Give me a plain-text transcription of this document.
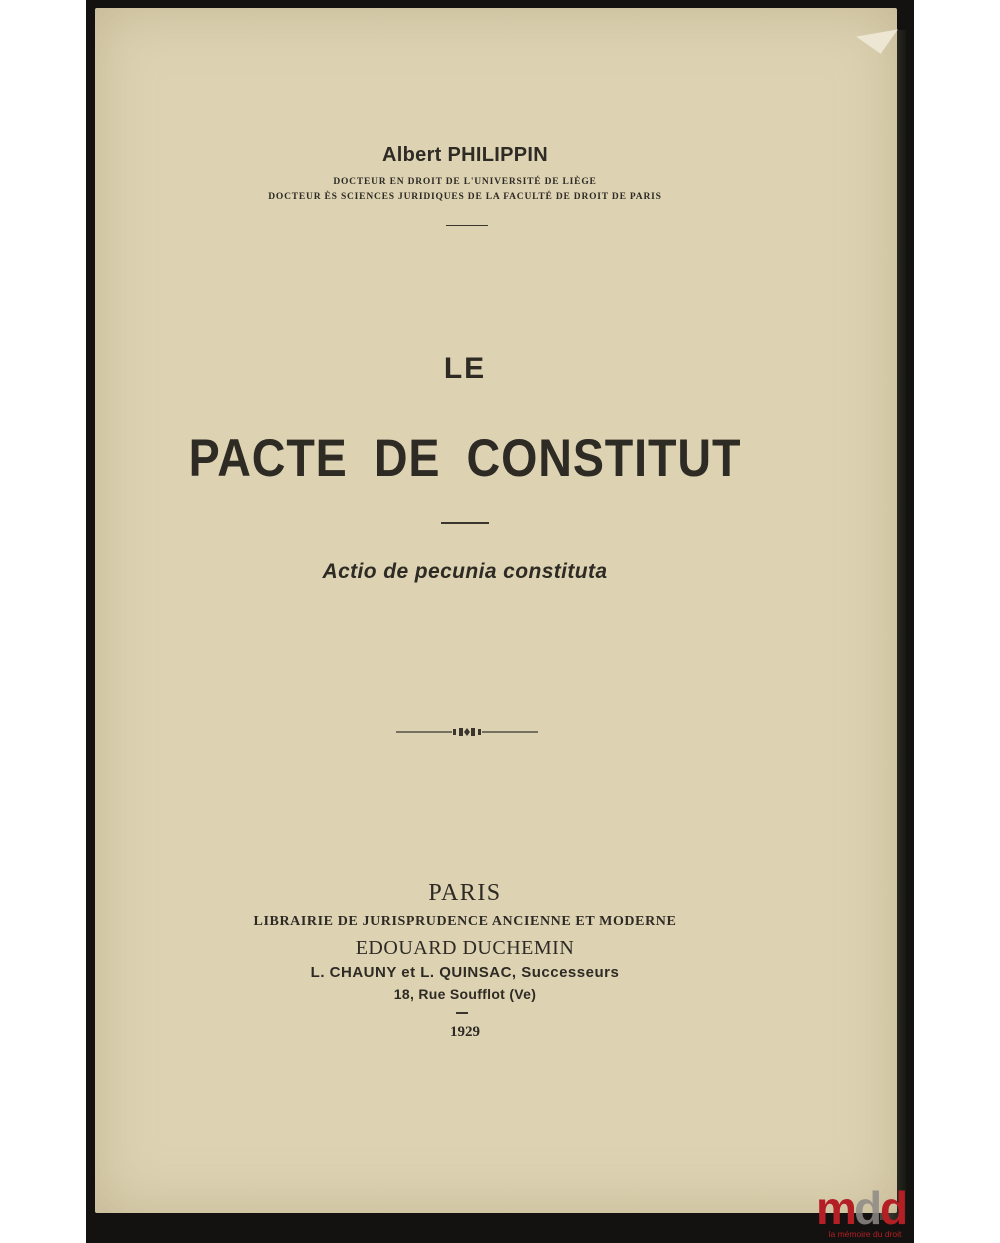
Albert PHILIPPIN
DOCTEUR EN DROIT DE L'UNIVERSITÉ DE LIÈGE
DOCTEUR ÈS SCIENCES JURIDIQUES DE LA FACULTÉ DE DROIT DE PARIS
LE
PACTE DE CONSTITUT
Actio de pecunia constituta
PARIS
LIBRAIRIE DE JURISPRUDENCE ANCIENNE ET MODERNE
EDOUARD DUCHEMIN
L. CHAUNY et L. QUINSAC, Successeurs
18, Rue Soufflot (Ve)
1929
m
d
d
la mémoire du droit
